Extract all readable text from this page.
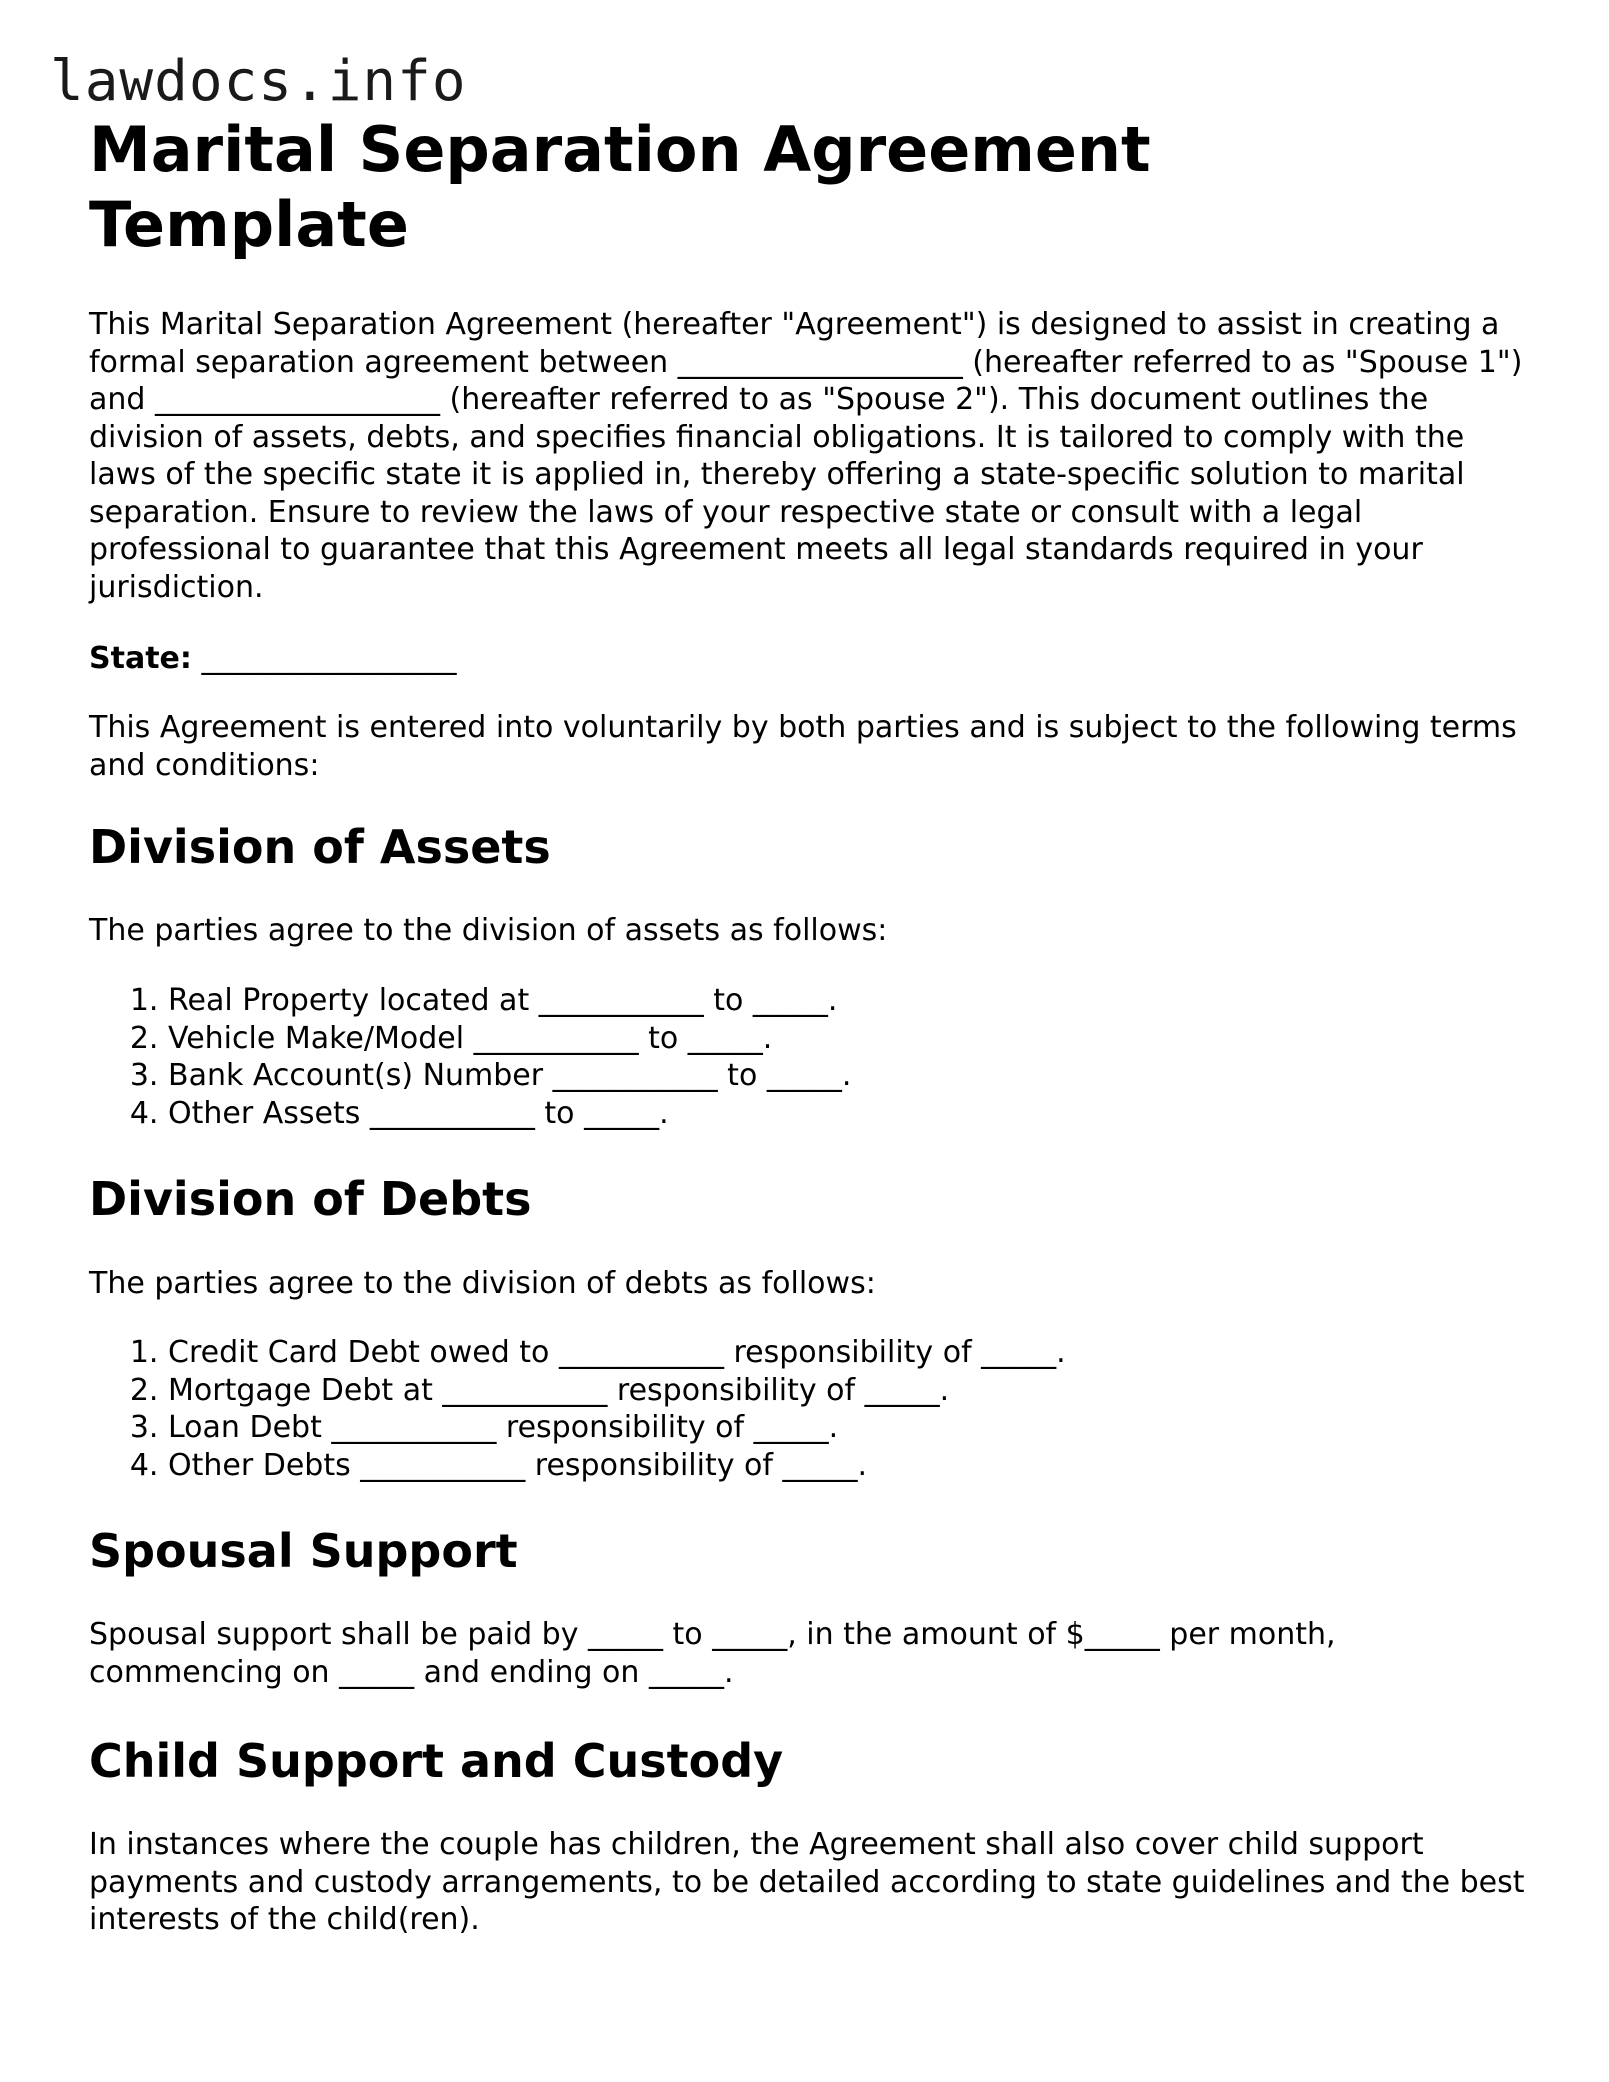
lawdocs.info
Marital Separation Agreement Template

This Marital Separation Agreement (hereafter "Agreement") is designed to assist in creating a formal separation agreement between ___________________ (hereafter referred to as "Spouse 1") and ___________________ (hereafter referred to as "Spouse 2"). This document outlines the division of assets, debts, and specifies financial obligations. It is tailored to comply with the laws of the specific state it is applied in, thereby offering a state-specific solution to marital separation. Ensure to review the laws of your respective state or consult with a legal professional to guarantee that this Agreement meets all legal standards required in your jurisdiction.

State: _________________

This Agreement is entered into voluntarily by both parties and is subject to the following terms and conditions:

Division of Assets

The parties agree to the division of assets as follows:

1. Real Property located at ___________ to _____.
2. Vehicle Make/Model ___________ to _____.
3. Bank Account(s) Number ___________ to _____.
4. Other Assets ___________ to _____.
Division of Debts

The parties agree to the division of debts as follows:

1. Credit Card Debt owed to ___________ responsibility of _____.
2. Mortgage Debt at ___________ responsibility of _____.
3. Loan Debt ___________ responsibility of _____.
4. Other Debts ___________ responsibility of _____.
Spousal Support

Spousal support shall be paid by _____ to _____, in the amount of $_____ per month, commencing on _____ and ending on _____.

Child Support and Custody

In instances where the couple has children, the Agreement shall also cover child support payments and custody arrangements, to be detailed according to state guidelines and the best interests of the child(ren).
